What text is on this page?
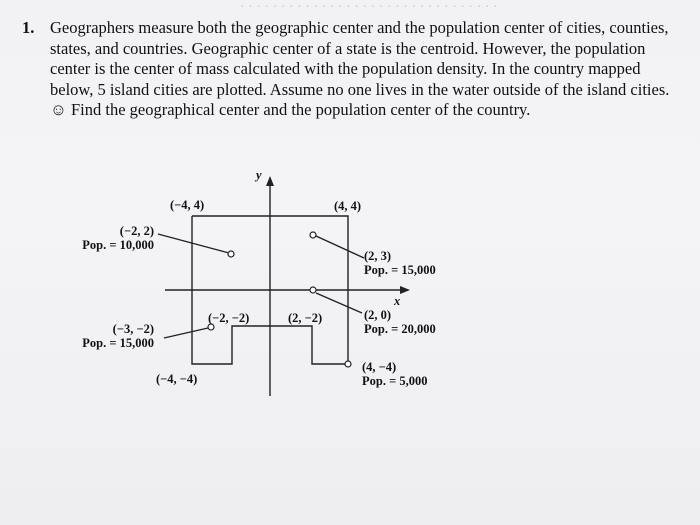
· · · · · · · · · · · · · · · · · · · · · · · · · · · · · · · ·
1. Geographers measure both the geographic center and the population center of cities, counties, states, and countries. Geographic center of a state is the centroid. However, the population center is the center of mass calculated with the population density. In the country mapped below, 5 island cities are plotted. Assume no one lives in the water outside of the island cities. ☺ Find the geographical center and the population center of the country.
y
x
(−4, 4)	(4, 4)
(−4, −4)
(−2, −2)	(2, −2)
(−2, 2)
Pop. = 10,000
(2, 3)
Pop. = 15,000
(2, 0)
Pop. = 20,000
(−3, −2)
Pop. = 15,000
(4, −4)
Pop. = 5,000
